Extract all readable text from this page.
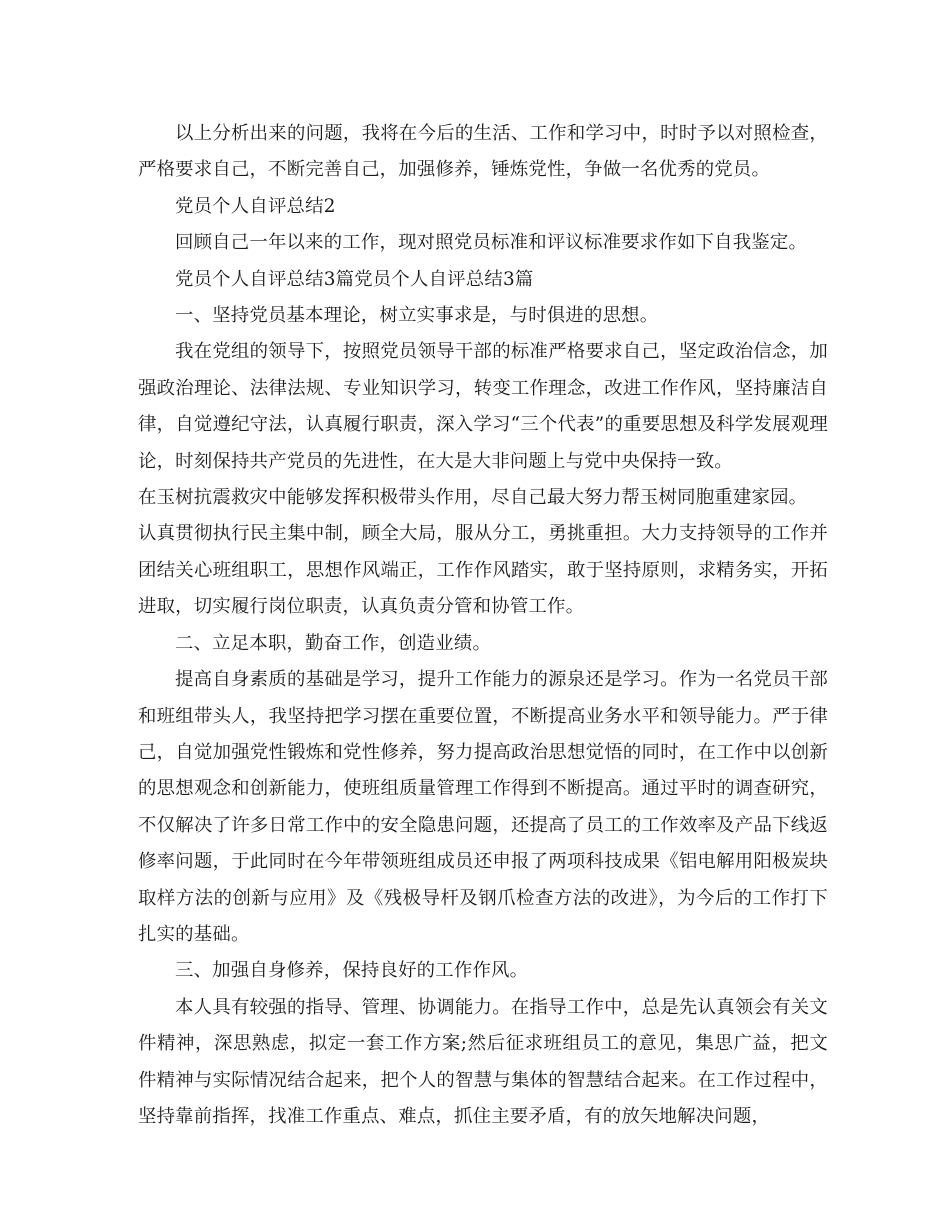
以上分析出来的问题，我将在今后的生活、工作和学习中，时时予以对照检查，严格要求自己，不断完善自己，加强修养，锤炼党性，争做一名优秀的党员。

党员个人自评总结2

回顾自己一年以来的工作，现对照党员标准和评议标准要求作如下自我鉴定。

党员个人自评总结3篇党员个人自评总结3篇

一、坚持党员基本理论，树立实事求是，与时俱进的思想。

我在党组的领导下，按照党员领导干部的标准严格要求自己，坚定政治信念，加强政治理论、法律法规、专业知识学习，转变工作理念，改进工作作风，坚持廉洁自律，自觉遵纪守法，认真履行职责，深入学习“三个代表”的重要思想及科学发展观理论，时刻保持共产党员的先进性，在大是大非问题上与党中央保持一致。

在玉树抗震救灾中能够发挥积极带头作用，尽自己最大努力帮玉树同胞重建家园。

认真贯彻执行民主集中制，顾全大局，服从分工，勇挑重担。大力支持领导的工作并团结关心班组职工，思想作风端正，工作作风踏实，敢于坚持原则，求精务实，开拓进取，切实履行岗位职责，认真负责分管和协管工作。

二、立足本职，勤奋工作，创造业绩。

提高自身素质的基础是学习，提升工作能力的源泉还是学习。作为一名党员干部和班组带头人，我坚持把学习摆在重要位置，不断提高业务水平和领导能力。严于律己，自觉加强党性锻炼和党性修养，努力提高政治思想觉悟的同时，在工作中以创新的思想观念和创新能力，使班组质量管理工作得到不断提高。通过平时的调查研究，不仅解决了许多日常工作中的安全隐患问题，还提高了员工的工作效率及产品下线返修率问题，于此同时在今年带领班组成员还申报了两项科技成果《铝电解用阳极炭块取样方法的创新与应用》及《残极导杆及钢爪检查方法的改进》，为今后的工作打下扎实的基础。

三、加强自身修养，保持良好的工作作风。

本人具有较强的指导、管理、协调能力。在指导工作中，总是先认真领会有关文件精神，深思熟虑，拟定一套工作方案;然后征求班组员工的意见，集思广益，把文件精神与实际情况结合起来，把个人的智慧与集体的智慧结合起来。在工作过程中，坚持靠前指挥，找准工作重点、难点，抓住主要矛盾，有的放矢地解决问题，
